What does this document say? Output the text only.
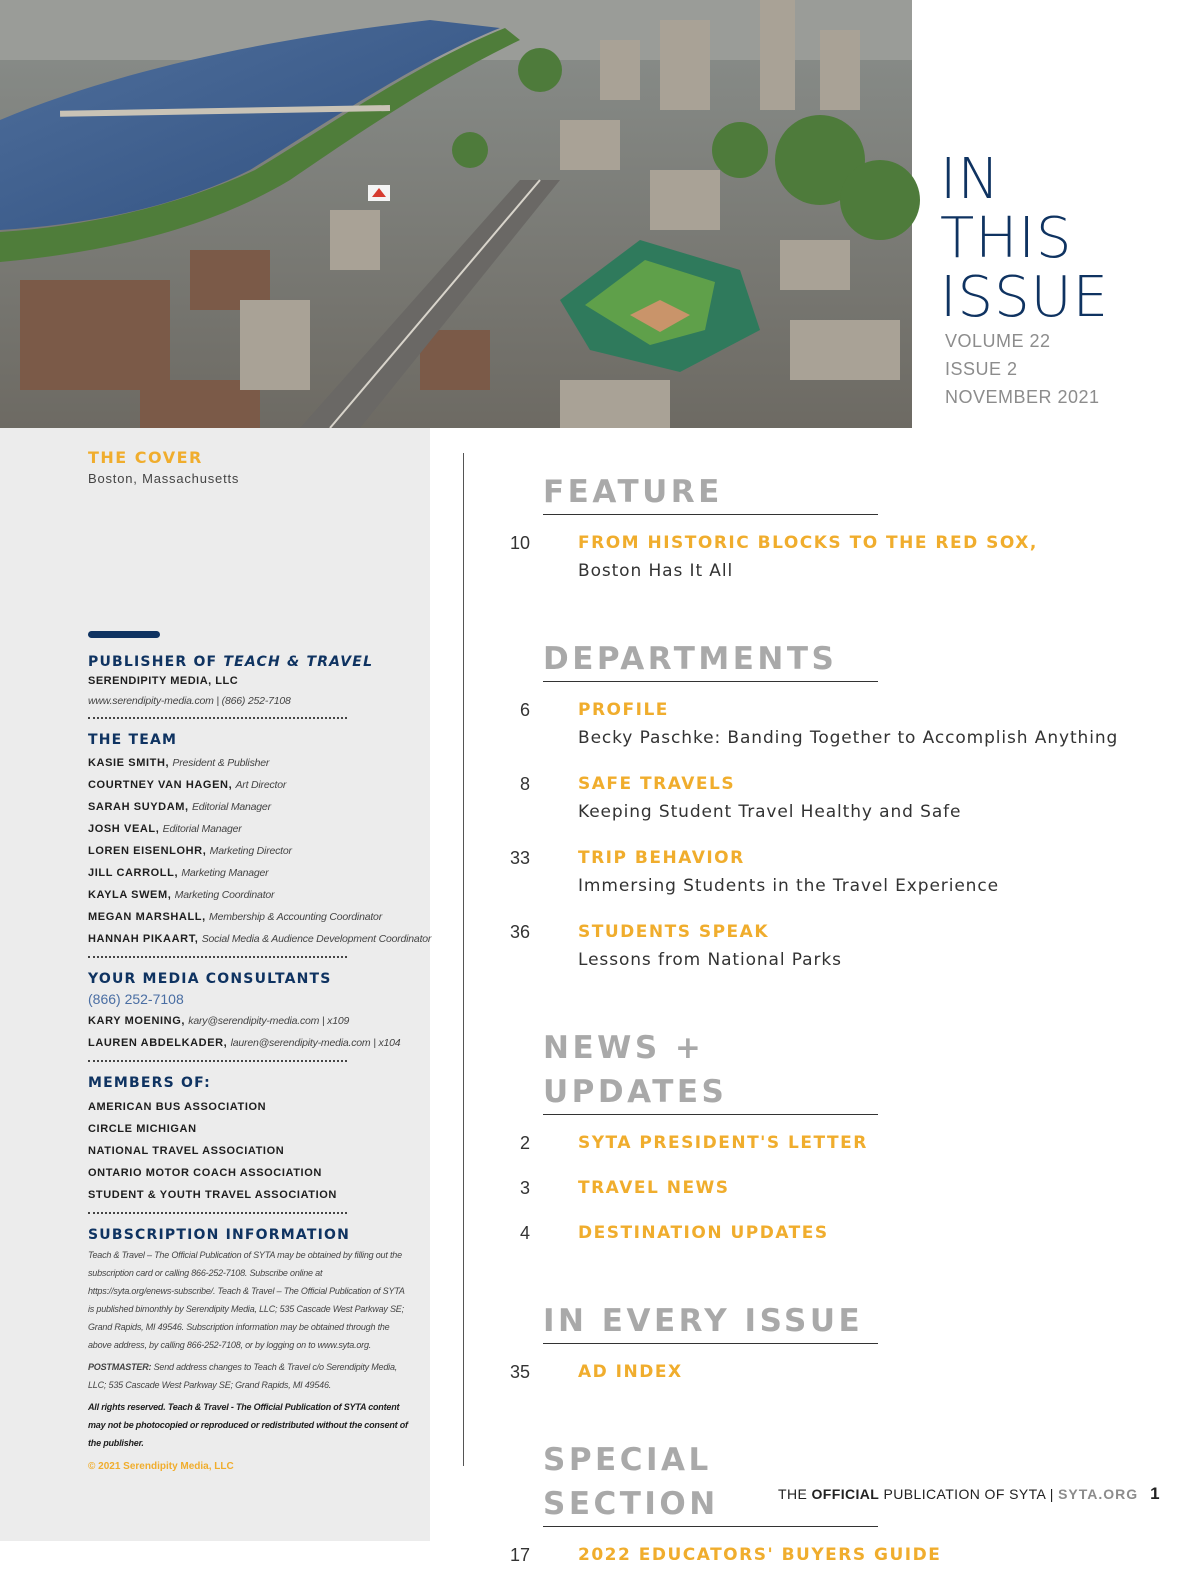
IN
THIS
ISSUE
VOLUME 22
ISSUE 2
NOVEMBER 2021
THE COVER
Boston, Massachusetts
PUBLISHER OF TEACH & TRAVEL
SERENDIPITY MEDIA, LLC
www.serendipity-media.com | (866) 252-7108
THE TEAM
KASIE SMITH, President & Publisher
COURTNEY VAN HAGEN, Art Director
SARAH SUYDAM, Editorial Manager
JOSH VEAL, Editorial Manager
LOREN EISENLOHR, Marketing Director
JILL CARROLL, Marketing Manager
KAYLA SWEM, Marketing Coordinator
MEGAN MARSHALL, Membership & Accounting Coordinator
HANNAH PIKAART, Social Media & Audience Development Coordinator
YOUR MEDIA CONSULTANTS
(866) 252-7108
KARY MOENING, kary@serendipity-media.com | x109
LAUREN ABDELKADER, lauren@serendipity-media.com | x104
MEMBERS OF:
AMERICAN BUS ASSOCIATION
CIRCLE MICHIGAN
NATIONAL TRAVEL ASSOCIATION
ONTARIO MOTOR COACH ASSOCIATION
STUDENT & YOUTH TRAVEL ASSOCIATION
SUBSCRIPTION INFORMATION
Teach & Travel – The Official Publication of SYTA may be obtained by filling out the subscription card or calling 866-252-7108. Subscribe online at https://syta.org/enews-subscribe/. Teach & Travel – The Official Publication of SYTA is published bimonthly by Serendipity Media, LLC; 535 Cascade West Parkway SE; Grand Rapids, MI 49546. Subscription information may be obtained through the above address, by calling 866-252-7108, or by logging on to www.syta.org.
POSTMASTER: Send address changes to Teach & Travel c/o Serendipity Media, LLC; 535 Cascade West Parkway SE; Grand Rapids, MI 49546.
All rights reserved. Teach & Travel - The Official Publication of SYTA content may not be photocopied or reproduced or redistributed without the consent of the publisher.
© 2021 Serendipity Media, LLC
FEATURE
10	FROM HISTORIC BLOCKS TO THE RED SOX,
Boston Has It All
DEPARTMENTS
6	PROFILE
Becky Paschke: Banding Together to Accomplish Anything
8	SAFE TRAVELS
Keeping Student Travel Healthy and Safe
33	TRIP BEHAVIOR
Immersing Students in the Travel Experience
36	STUDENTS SPEAK
Lessons from National Parks
NEWS + UPDATES
2	SYTA PRESIDENT'S LETTER
3	TRAVEL NEWS
4	DESTINATION UPDATES
IN EVERY ISSUE
35	AD INDEX
SPECIAL SECTION
17	2022 EDUCATORS' BUYERS GUIDE
THE OFFICIAL PUBLICATION OF SYTA | SYTA.ORG 1
